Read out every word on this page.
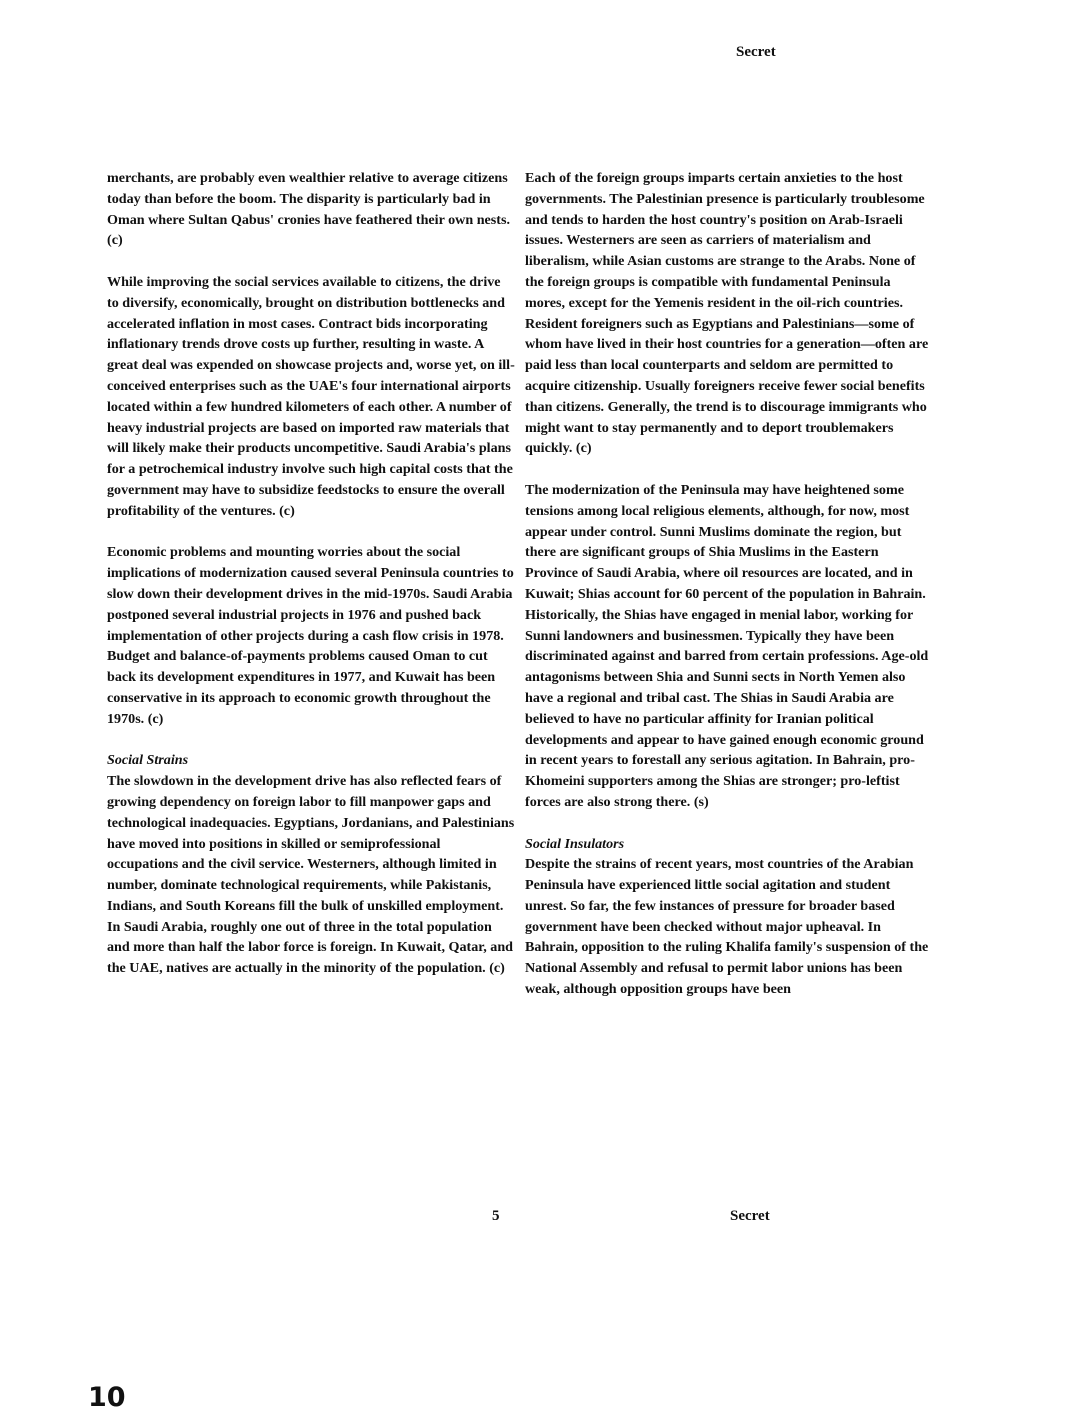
Secret

merchants, are probably even wealthier relative to average citizens today than before the boom. The disparity is particularly bad in Oman where Sultan Qabus' cronies have feathered their own nests. (c)

While improving the social services available to citizens, the drive to diversify, economically, brought on distribution bottlenecks and accelerated inflation in most cases. Contract bids incorporating inflationary trends drove costs up further, resulting in waste. A great deal was expended on showcase projects and, worse yet, on ill-conceived enterprises such as the UAE's four international airports located within a few hundred kilometers of each other. A number of heavy industrial projects are based on imported raw materials that will likely make their products uncompetitive. Saudi Arabia's plans for a petrochemical industry involve such high capital costs that the government may have to subsidize feedstocks to ensure the overall profitability of the ventures. (c)

Economic problems and mounting worries about the social implications of modernization caused several Peninsula countries to slow down their development drives in the mid-1970s. Saudi Arabia postponed several industrial projects in 1976 and pushed back implementation of other projects during a cash flow crisis in 1978. Budget and balance-of-payments problems caused Oman to cut back its development expenditures in 1977, and Kuwait has been conservative in its approach to economic growth throughout the 1970s. (c)

Social Strains

The slowdown in the development drive has also reflected fears of growing dependency on foreign labor to fill manpower gaps and technological inadequacies. Egyptians, Jordanians, and Palestinians have moved into positions in skilled or semiprofessional occupations and the civil service. Westerners, although limited in number, dominate technological requirements, while Pakistanis, Indians, and South Koreans fill the bulk of unskilled employment. In Saudi Arabia, roughly one out of three in the total population and more than half the labor force is foreign. In Kuwait, Qatar, and the UAE, natives are actually in the minority of the population. (c)

Each of the foreign groups imparts certain anxieties to the host governments. The Palestinian presence is particularly troublesome and tends to harden the host country's position on Arab-Israeli issues. Westerners are seen as carriers of materialism and liberalism, while Asian customs are strange to the Arabs. None of the foreign groups is compatible with fundamental Peninsula mores, except for the Yemenis resident in the oil-rich countries. Resident foreigners such as Egyptians and Palestinians—some of whom have lived in their host countries for a generation—often are paid less than local counterparts and seldom are permitted to acquire citizenship. Usually foreigners receive fewer social benefits than citizens. Generally, the trend is to discourage immigrants who might want to stay permanently and to deport troublemakers quickly. (c)

The modernization of the Peninsula may have heightened some tensions among local religious elements, although, for now, most appear under control. Sunni Muslims dominate the region, but there are significant groups of Shia Muslims in the Eastern Province of Saudi Arabia, where oil resources are located, and in Kuwait; Shias account for 60 percent of the population in Bahrain. Historically, the Shias have engaged in menial labor, working for Sunni landowners and businessmen. Typically they have been discriminated against and barred from certain professions. Age-old antagonisms between Shia and Sunni sects in North Yemen also have a regional and tribal cast. The Shias in Saudi Arabia are believed to have no particular affinity for Iranian political developments and appear to have gained enough economic ground in recent years to forestall any serious agitation. In Bahrain, pro-Khomeini supporters among the Shias are stronger; pro-leftist forces are also strong there. (s)

Social Insulators

Despite the strains of recent years, most countries of the Arabian Peninsula have experienced little social agitation and student unrest. So far, the few instances of pressure for broader based government have been checked without major upheaval. In Bahrain, opposition to the ruling Khalifa family's suspension of the National Assembly and refusal to permit labor unions has been weak, although opposition groups have been

5	Secret
10
